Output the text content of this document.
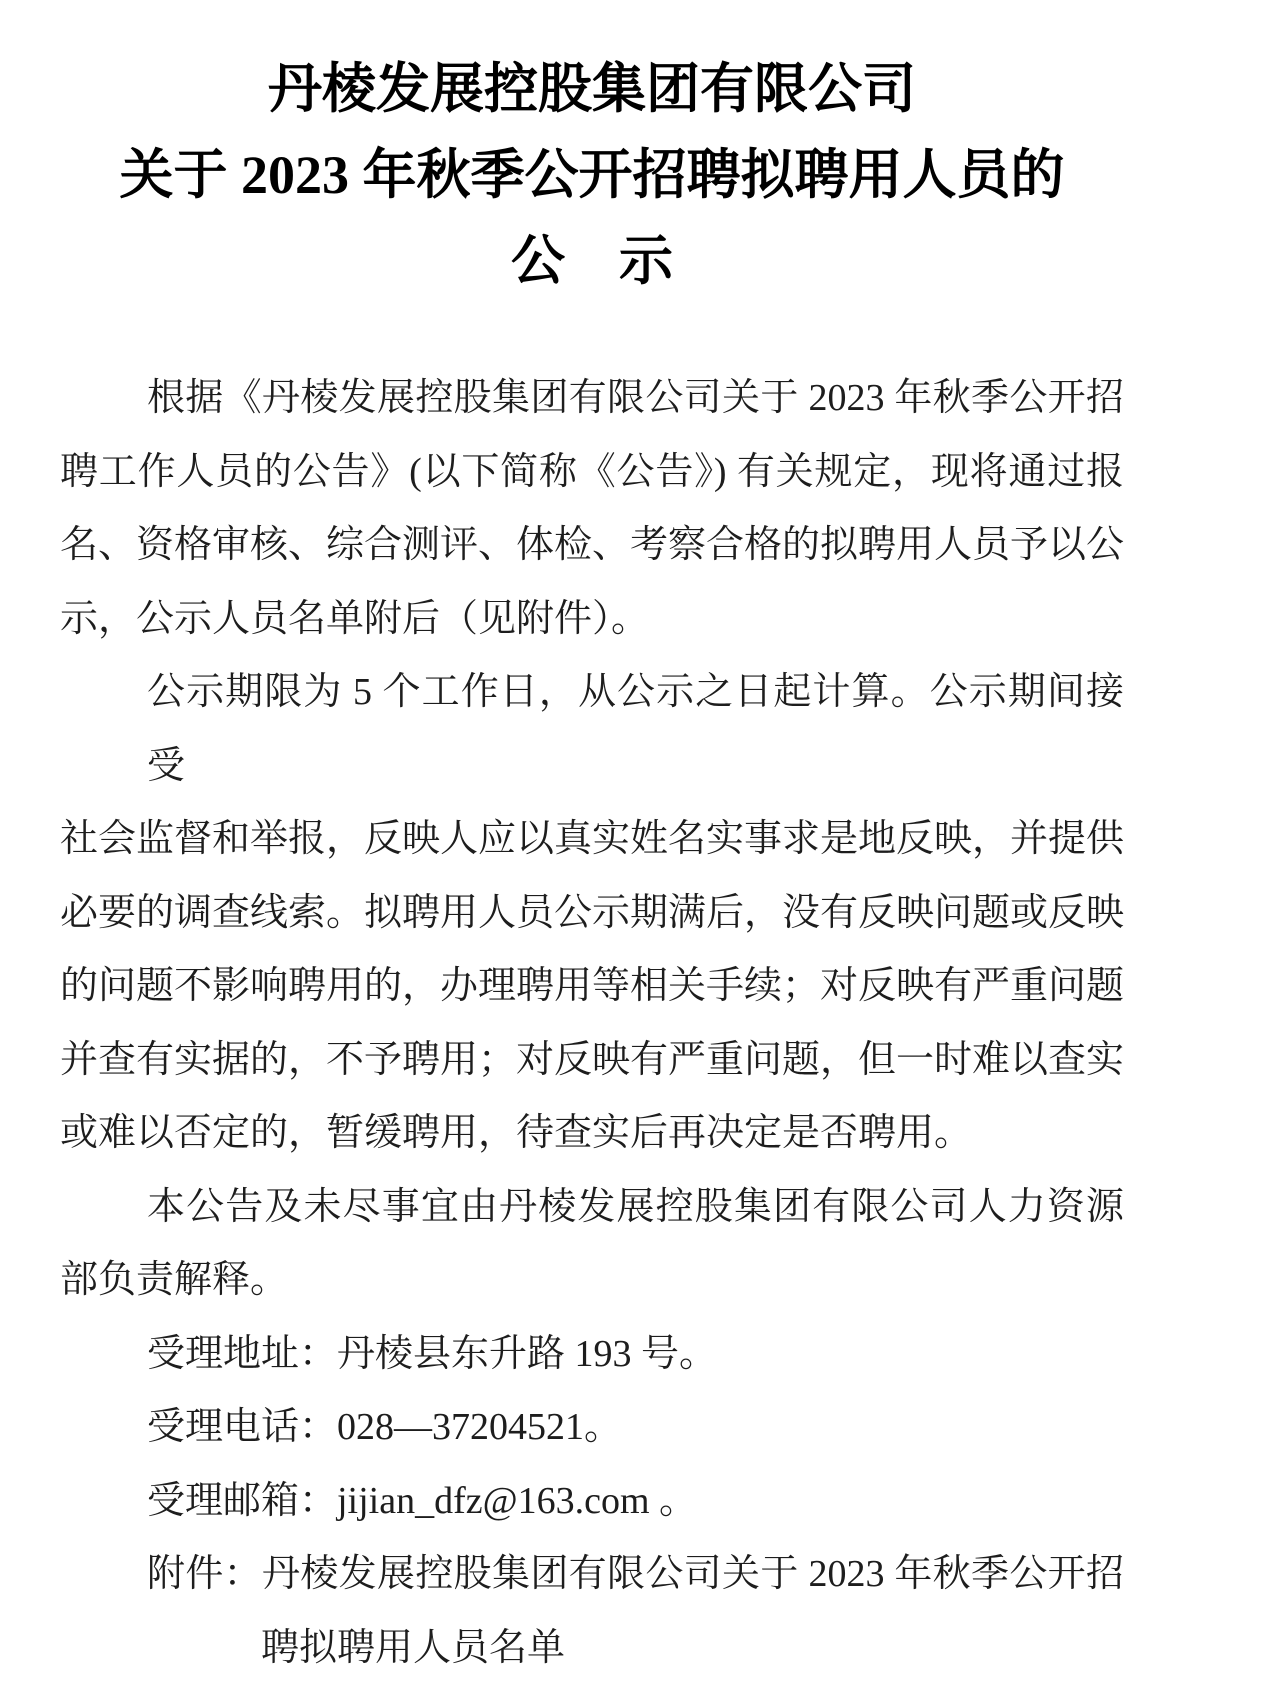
丹棱发展控股集团有限公司
关于 2023 年秋季公开招聘拟聘用人员的
公　示
根据《丹棱发展控股集团有限公司关于 2023 年秋季公开招
聘工作人员的公告》(以下简称《公告》) 有关规定，现将通过报
名、资格审核、综合测评、体检、考察合格的拟聘用人员予以公
示，公示人员名单附后（见附件）。
公示期限为 5 个工作日，从公示之日起计算。公示期间接受
社会监督和举报，反映人应以真实姓名实事求是地反映，并提供
必要的调查线索。拟聘用人员公示期满后，没有反映问题或反映
的问题不影响聘用的，办理聘用等相关手续；对反映有严重问题
并查有实据的，不予聘用；对反映有严重问题，但一时难以查实
或难以否定的，暂缓聘用，待查实后再决定是否聘用。
本公告及未尽事宜由丹棱发展控股集团有限公司人力资源
部负责解释。
受理地址：丹棱县东升路 193 号。
受理电话：028—37204521。
受理邮箱：jijian_dfz@163.com 。
附件：丹棱发展控股集团有限公司关于 2023 年秋季公开招
聘拟聘用人员名单
